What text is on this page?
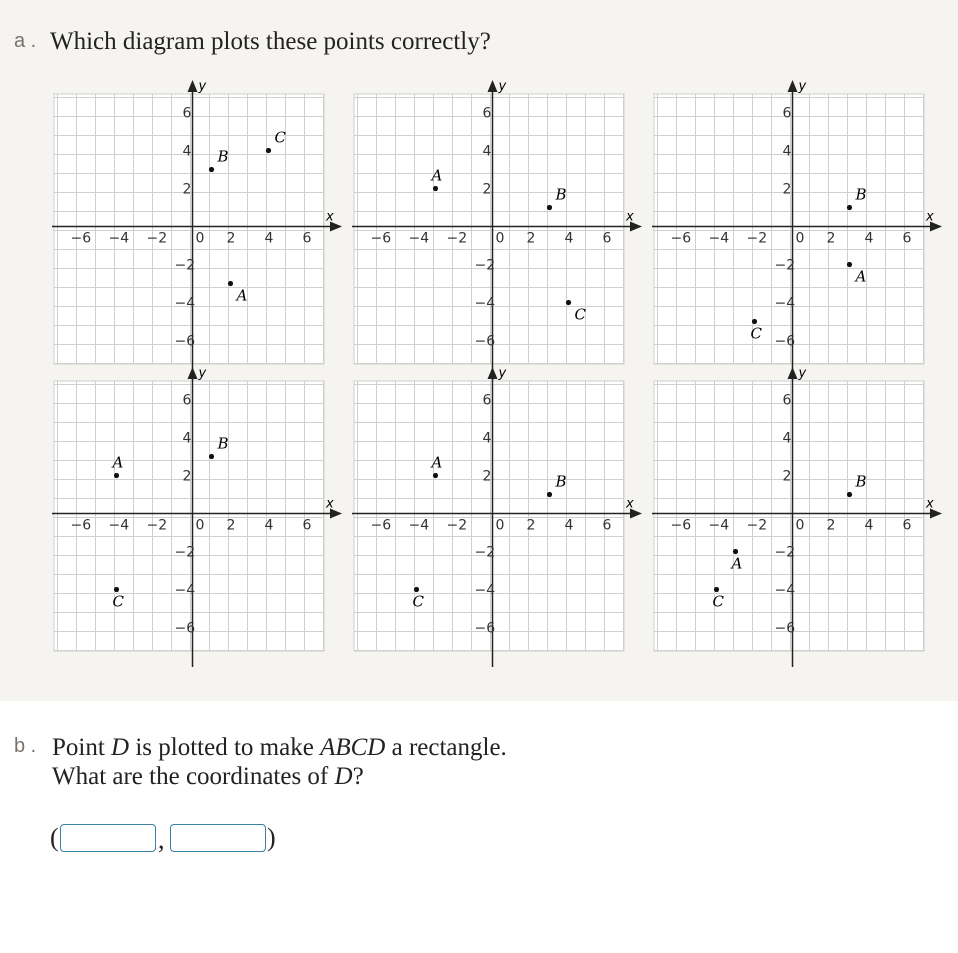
a . Which diagram plots these points correctly?
x
y
−6 −4 −2 0 2 4 6
6
4
2
−2
−4
−6
A
B
C
x
y
−6 −4 −2 0 2 4 6
6
4
2
−2
−4
−6
A
B
C
x
y
−6 −4 −2 0 2 4 6
6
4
2
−2
−4
−6
A
B
C
x
y
−6 −4 −2 0 2 4 6
6
4
2
−2
−4
−6
A
B
C
x
y
−6 −4 −2 0 2 4 6
6
4
2
−2
−4
−6
A
B
C
x
y
−6 −4 −2 0 2 4 6
6
4
2
−2
−4
−6
A
B
C
b . Point D is plotted to make ABCD a rectangle.
What are the coordinates of D?
(	,	)
